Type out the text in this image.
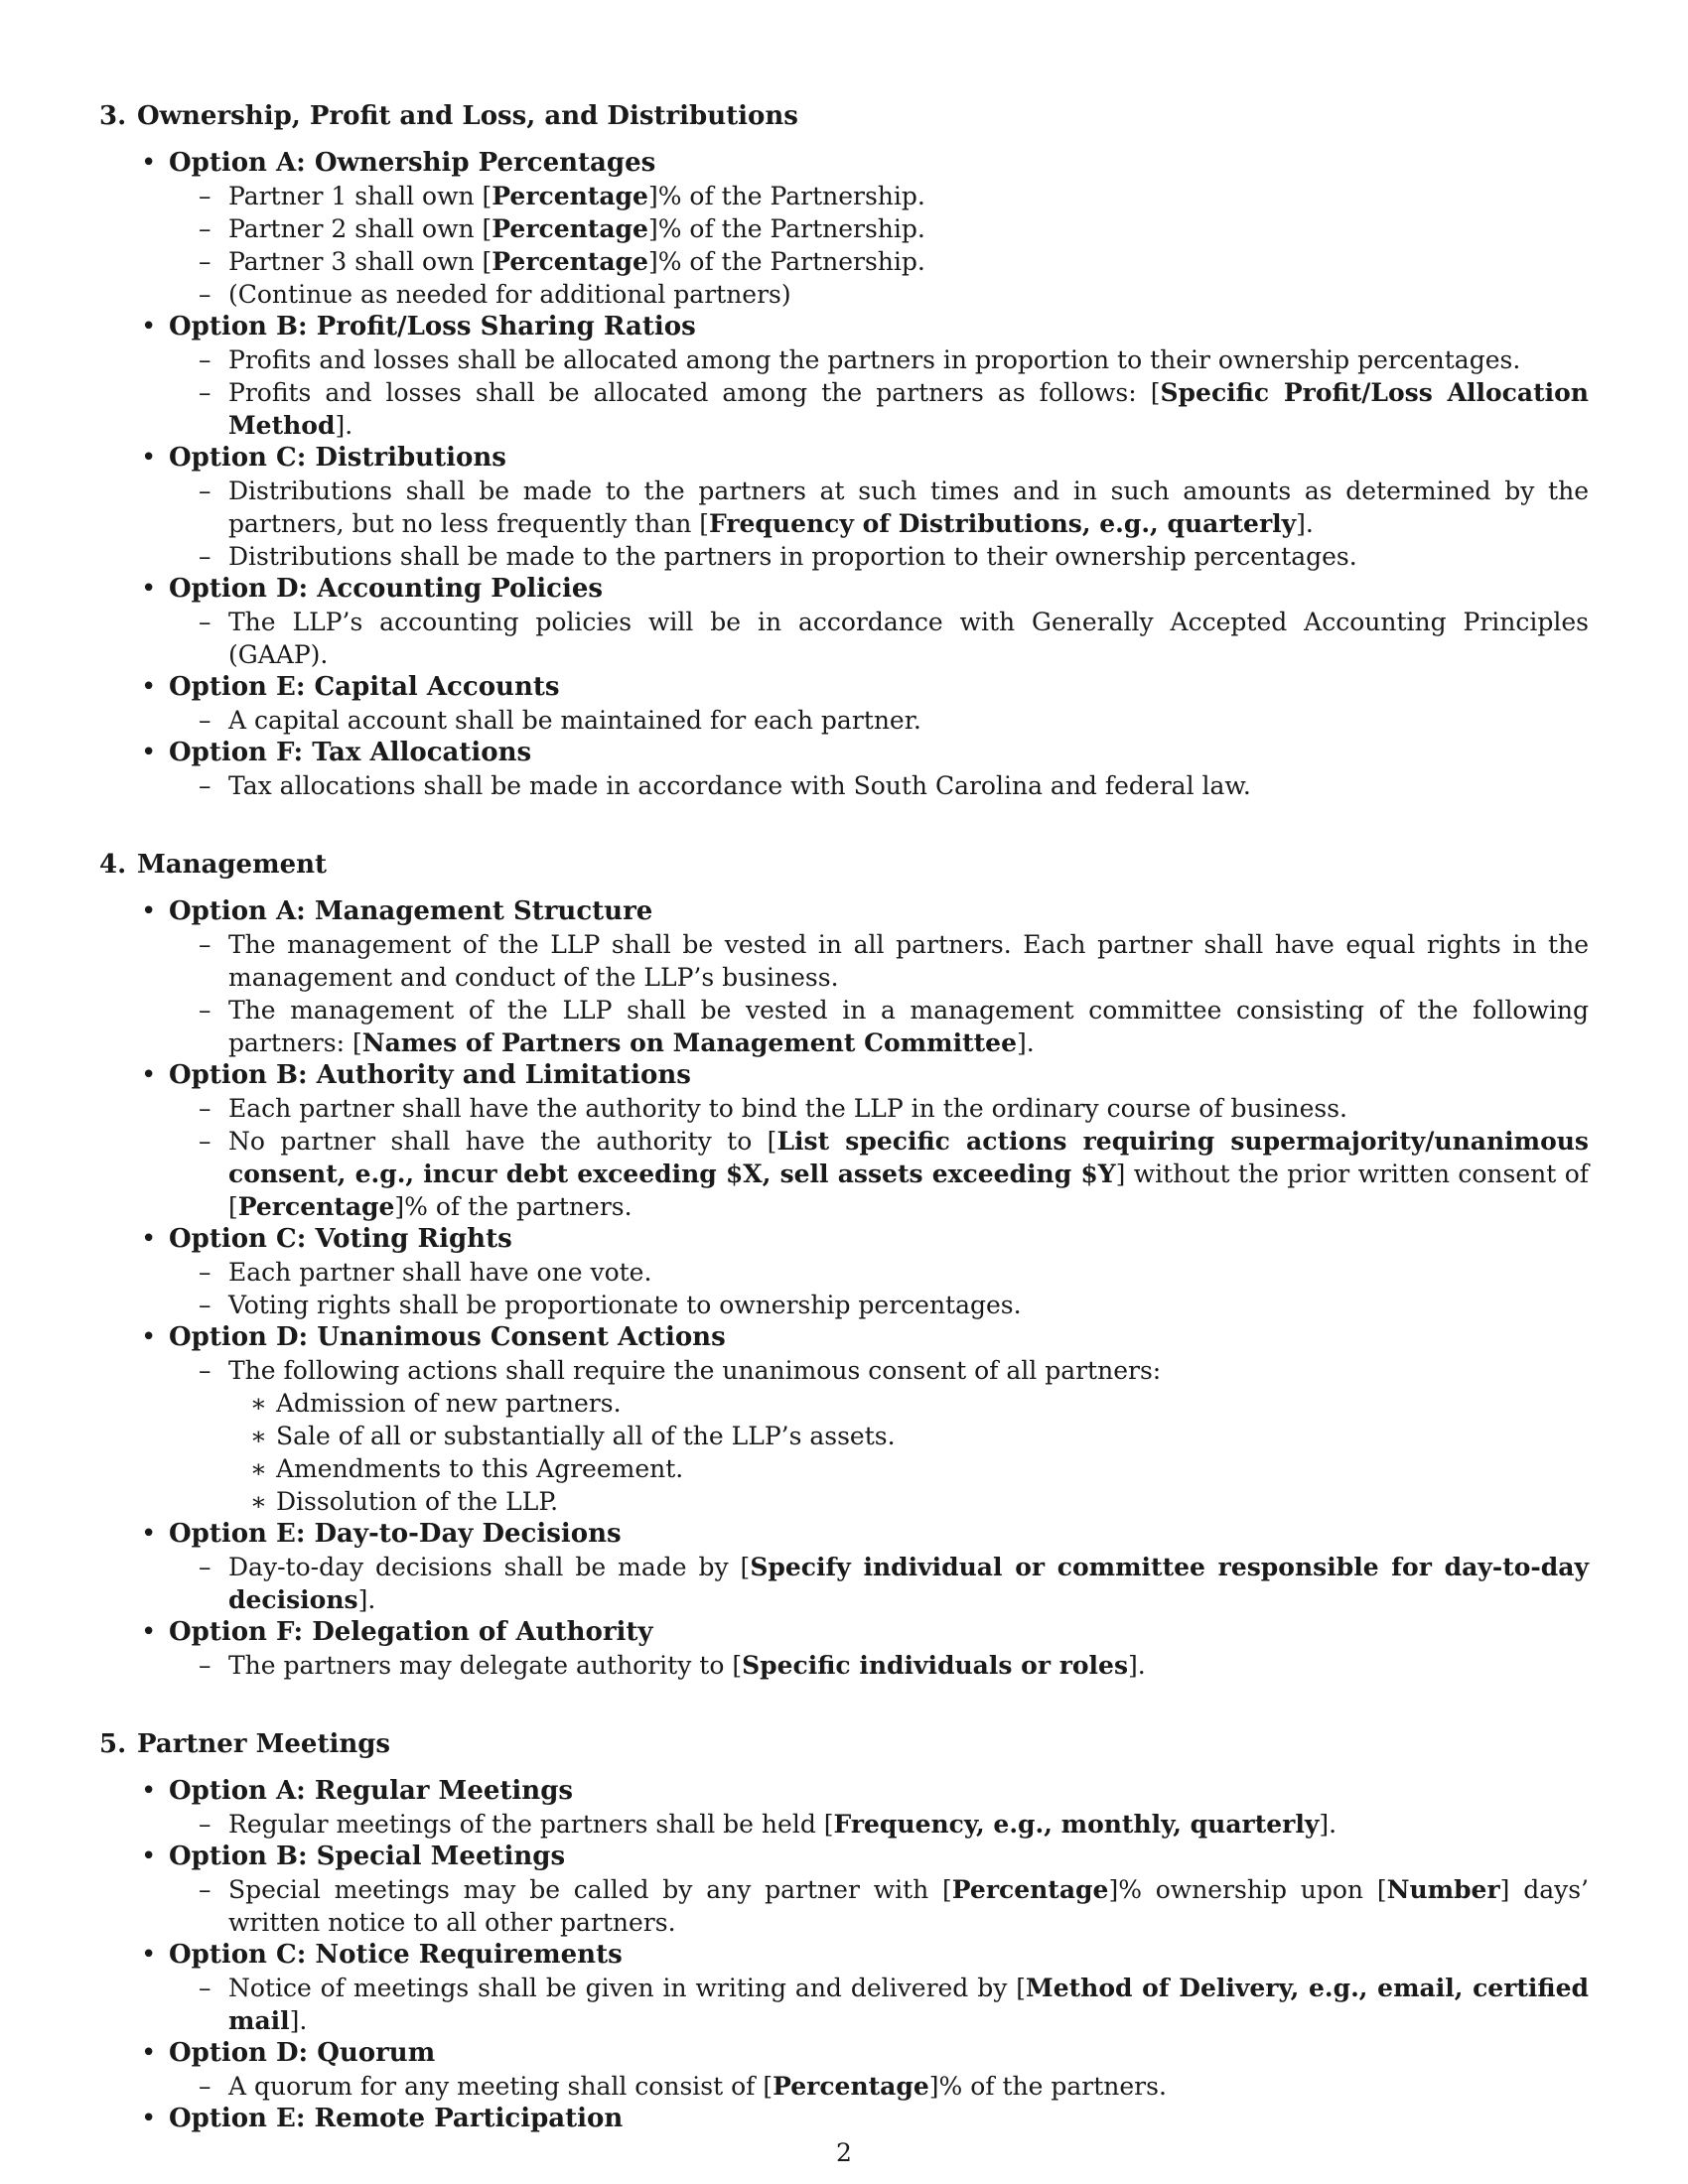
3. Ownership, Profit and Loss, and Distributions
• Option A: Ownership Percentages
– Partner 1 shall own [Percentage]% of the Partnership.
– Partner 2 shall own [Percentage]% of the Partnership.
– Partner 3 shall own [Percentage]% of the Partnership.
– (Continue as needed for additional partners)
• Option B: Profit/Loss Sharing Ratios
– Profits and losses shall be allocated among the partners in proportion to their ownership percentages.
– Profits and losses shall be allocated among the partners as follows: [Specific Profit/Loss Allocation Method].
• Option C: Distributions
– Distributions shall be made to the partners at such times and in such amounts as determined by the partners, but no less frequently than [Frequency of Distributions, e.g., quarterly].
– Distributions shall be made to the partners in proportion to their ownership percentages.
• Option D: Accounting Policies
– The LLP’s accounting policies will be in accordance with Generally Accepted Accounting Principles (GAAP).
• Option E: Capital Accounts
– A capital account shall be maintained for each partner.
• Option F: Tax Allocations
– Tax allocations shall be made in accordance with South Carolina and federal law.
4. Management
• Option A: Management Structure
– The management of the LLP shall be vested in all partners. Each partner shall have equal rights in the management and conduct of the LLP’s business.
– The management of the LLP shall be vested in a management committee consisting of the following partners: [Names of Partners on Management Committee].
• Option B: Authority and Limitations
– Each partner shall have the authority to bind the LLP in the ordinary course of business.
– No partner shall have the authority to [List specific actions requiring supermajority/unanimous consent, e.g., incur debt exceeding $X, sell assets exceeding $Y] without the prior written consent of [Percentage]% of the partners.
• Option C: Voting Rights
– Each partner shall have one vote.
– Voting rights shall be proportionate to ownership percentages.
• Option D: Unanimous Consent Actions
– The following actions shall require the unanimous consent of all partners:
∗ Admission of new partners.
∗ Sale of all or substantially all of the LLP’s assets.
∗ Amendments to this Agreement.
∗ Dissolution of the LLP.
• Option E: Day-to-Day Decisions
– Day-to-day decisions shall be made by [Specify individual or committee responsible for day-to-day decisions].
• Option F: Delegation of Authority
– The partners may delegate authority to [Specific individuals or roles].
5. Partner Meetings
• Option A: Regular Meetings
– Regular meetings of the partners shall be held [Frequency, e.g., monthly, quarterly].
• Option B: Special Meetings
– Special meetings may be called by any partner with [Percentage]% ownership upon [Number] days’ written notice to all other partners.
• Option C: Notice Requirements
– Notice of meetings shall be given in writing and delivered by [Method of Delivery, e.g., email, certified mail].
• Option D: Quorum
– A quorum for any meeting shall consist of [Percentage]% of the partners.
• Option E: Remote Participation
2
